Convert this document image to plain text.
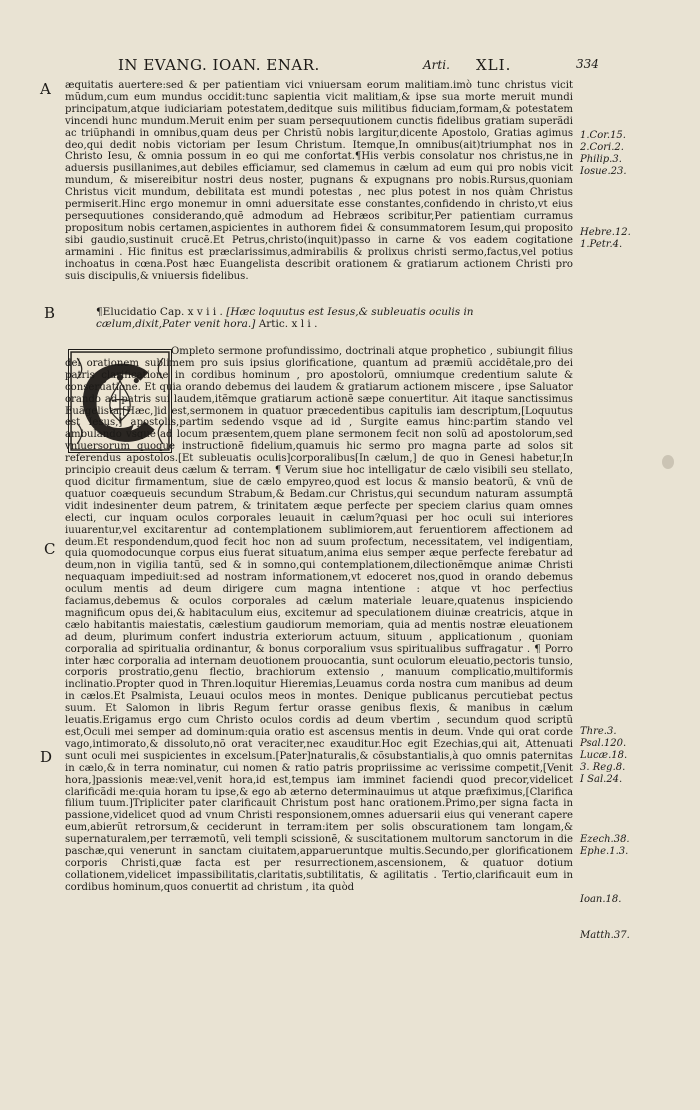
IN EVANG. IOAN. ENAR.	Arti. XLI.	334
A
B
C
D

æquitatis auertere:sed & per patientiam vici vniuersam eorum malitiam.imò tunc christus vicit mũdum,cum eum mundus occidit:tunc sapientia vicit malitiam,& ipse sua morte meruit mundi principatum,atque iudiciariam potestatem,deditque suis militibus fiduciam,formam,& potestatem vincendi hunc mundum.Meruit enim per suam persequutionem cunctis fidelibus gratiam superãdi ac triũphandi in omnibus,quam deus per Christũ nobis largitur,dicente Apostolo, Gratias agimus deo,qui dedit nobis victoriam per Iesum Christum. Itemque,In omnibus(ait)triumphat nos in Christo Iesu, & omnia possum in eo qui me confortat.¶His verbis consolatur nos christus,ne in aduersis pusillanimes,aut debiles efficiamur, sed clamemus in cælum ad eum qui pro nobis vicit mundum, & misereibitur nostri deus noster, pugnans & expugnans pro nobis.Rursus,quoniam Christus vicit mundum, debilitata est mundi potestas , nec plus potest in nos quàm Christus permiserit.Hinc ergo monemur in omni aduersitate esse constantes,confidendo in christo,vt eius persequutiones considerando,quẽ admodum ad Hebræos scribitur,Per patientiam curramus propositum nobis certamen,aspicientes in authorem fidei & consummatorem Iesum,qui proposito sibi gaudio,sustinuit crucẽ.Et Petrus,christo(inquit)passo in carne & vos eadem cogitatione armamini . Hic finitus est præclarissimus,admirabilis & prolixus christi sermo,factus,vel potius inchoatus in cœna.Post hæc Euangelista describit orationem & gratiarum actionem Christi pro suis discipulis,& vniuersis fidelibus.

¶Elucidatio Cap. x v i i . [Hæc loquutus est Iesus,& subleuatis oculis in cælum,dixit,Pater venit hora.] Artic. x l i .

Ompleto sermone profundissimo, doctrinali atque prophetico , subiungit filius dei orationem sublimem pro suis ipsius glorificatione, quantum ad præmiũ accidẽtale,pro dei patris clarificatione in cordibus hominum , pro apostolorũ, omniumque credentium salute & conseruatione. Et quia orando debemus dei laudem & gratiarum actionem miscere , ipse Saluator orando ad patris sui laudem,itẽmque gratiarum actionẽ sæpe conuertitur. Ait itaque sanctissimus Euãgelista,[Hæc,]id est,sermonem in quatuor præcedentibus capitulis iam descriptum,[Loquutus est Iesus,] apostolis,partim sedendo vsque ad id , Surgite eamus hinc:partim stando vel ambulando vsque ad locum præsentem,quem plane sermonem fecit non solũ ad apostolorum,sed vniuersorum quoque instructionẽ fidelium,quamuis hic sermo pro magna parte ad solos sit referendus apostolos.[Et subleuatis oculis]corporalibus[In cælum,] de quo in Genesi habetur,In principio creauit deus cælum & terram. ¶ Verum siue hoc intelligatur de cælo visibili seu stellato, quod dicitur firmamentum, siue de cælo empyreo,quod est locus & mansio beatorũ, & vnũ de quatuor coæqueuis secundum Strabum,& Bedam.cur Christus,qui secundum naturam assumptã vidit indesinenter deum patrem, & trinitatem æque perfecte per speciem clarius quam omnes electi, cur inquam oculos corporales leuauit in cælum?quasi per hoc oculi sui interiores iuuarentur,vel excitarentur ad contemplationem sublimiorem,aut feruentiorem affectionem ad deum.Et respondendum,quod fecit hoc non ad suum profectum, necessitatem, vel indigentiam, quia quomodocunque corpus eius fuerat situatum,anima eius semper æque perfecte ferebatur ad deum,non in vigilia tantũ, sed & in somno,qui contemplationem,dilectionẽmque animæ Christi nequaquam impediuit:sed ad nostram informationem,vt edoceret nos,quod in orando debemus oculum mentis ad deum dirigere cum magna intentione : atque vt hoc perfectius faciamus,debemus & oculos corporales ad cælum materiale leuare,quatenus inspiciendo magnificum opus dei,& habitaculum eius, excitemur ad speculationem diuinæ creatricis, atque in cælo habitantis maiestatis, cælestium gaudiorum memoriam, quia ad mentis nostræ eleuationem ad deum, plurimum confert industria exteriorum actuum, situum , applicationum , quoniam corporalia ad spiritualia ordinantur, & bonus corporalium vsus spiritualibus suffragatur . ¶ Porro inter hæc corporalia ad internam deuotionem prouocantia, sunt oculorum eleuatio,pectoris tunsio, corporis prostratio,genu flectio, brachiorum extensio , manuum complicatio,multiformis inclinatio.Propter quod in Thren.loquitur Hieremias,Leuamus corda nostra cum manibus ad deum in cælos.Et Psalmista, Leuaui oculos meos in montes. Denique publicanus percutiebat pectus suum. Et Salomon in libris Regum fertur orasse genibus flexis, & manibus in cælum leuatis.Erigamus ergo cum Christo oculos cordis ad deum vbertim , secundum quod scriptũ est,Oculi mei semper ad dominum:quia oratio est ascensus mentis in deum. Vnde qui orat corde vago,intimorato,& dissoluto,nõ orat veraciter,nec exauditur.Hoc egit Ezechias,qui ait, Attenuati sunt oculi mei suspicientes in excelsum.[Pater]naturalis,& cõsubstantialis,à quo omnis paternitas in cælo,& in terra nominatur, cui nomen & ratio patris propriissime ac verissime competit,[Venit hora,]passionis meæ:vel,venit hora,id est,tempus iam imminet faciendi quod precor,videlicet clarificãdi me:quia horam tu ipse,& ego ab æterno determinauimus ut atque præfiximus,[Clarifica filium tuum.]Tripliciter pater clarificauit Christum post hanc orationem.Primo,per signa facta in passione,videlicet quod ad vnum Christi responsionem,omnes aduersarii eius qui venerant capere eum,abierũt retrorsum,& ceciderunt in terram:item per solis obscurationem tam longam,& supernaturalem,per terræmotũ, veli templi scissionẽ, & suscitationem multorum sanctorum in die paschæ,qui venerunt in sanctam ciuitatem,apparueruntque multis.Secundo,per glorificationem corporis Christi,quæ facta est per resurrectionem,ascensionem, & quatuor dotium collationem,videlicet impassibilitatis,claritatis,subtilitatis, & agilitatis . Tertio,clarificauit eum in cordibus hominum,quos conuertit ad christum , ita quòd

1.Cor.15.
2.Cori.2.
Philip.3.
Iosue.23.
Hebre.12.
1.Petr.4.
Thre.3.
Psal.120.
Lucæ.18.
3. Reg.8.
I Sal.24.
Ezech.38.
Ephe.1.3.
Ioan.18.
Matth.37.
